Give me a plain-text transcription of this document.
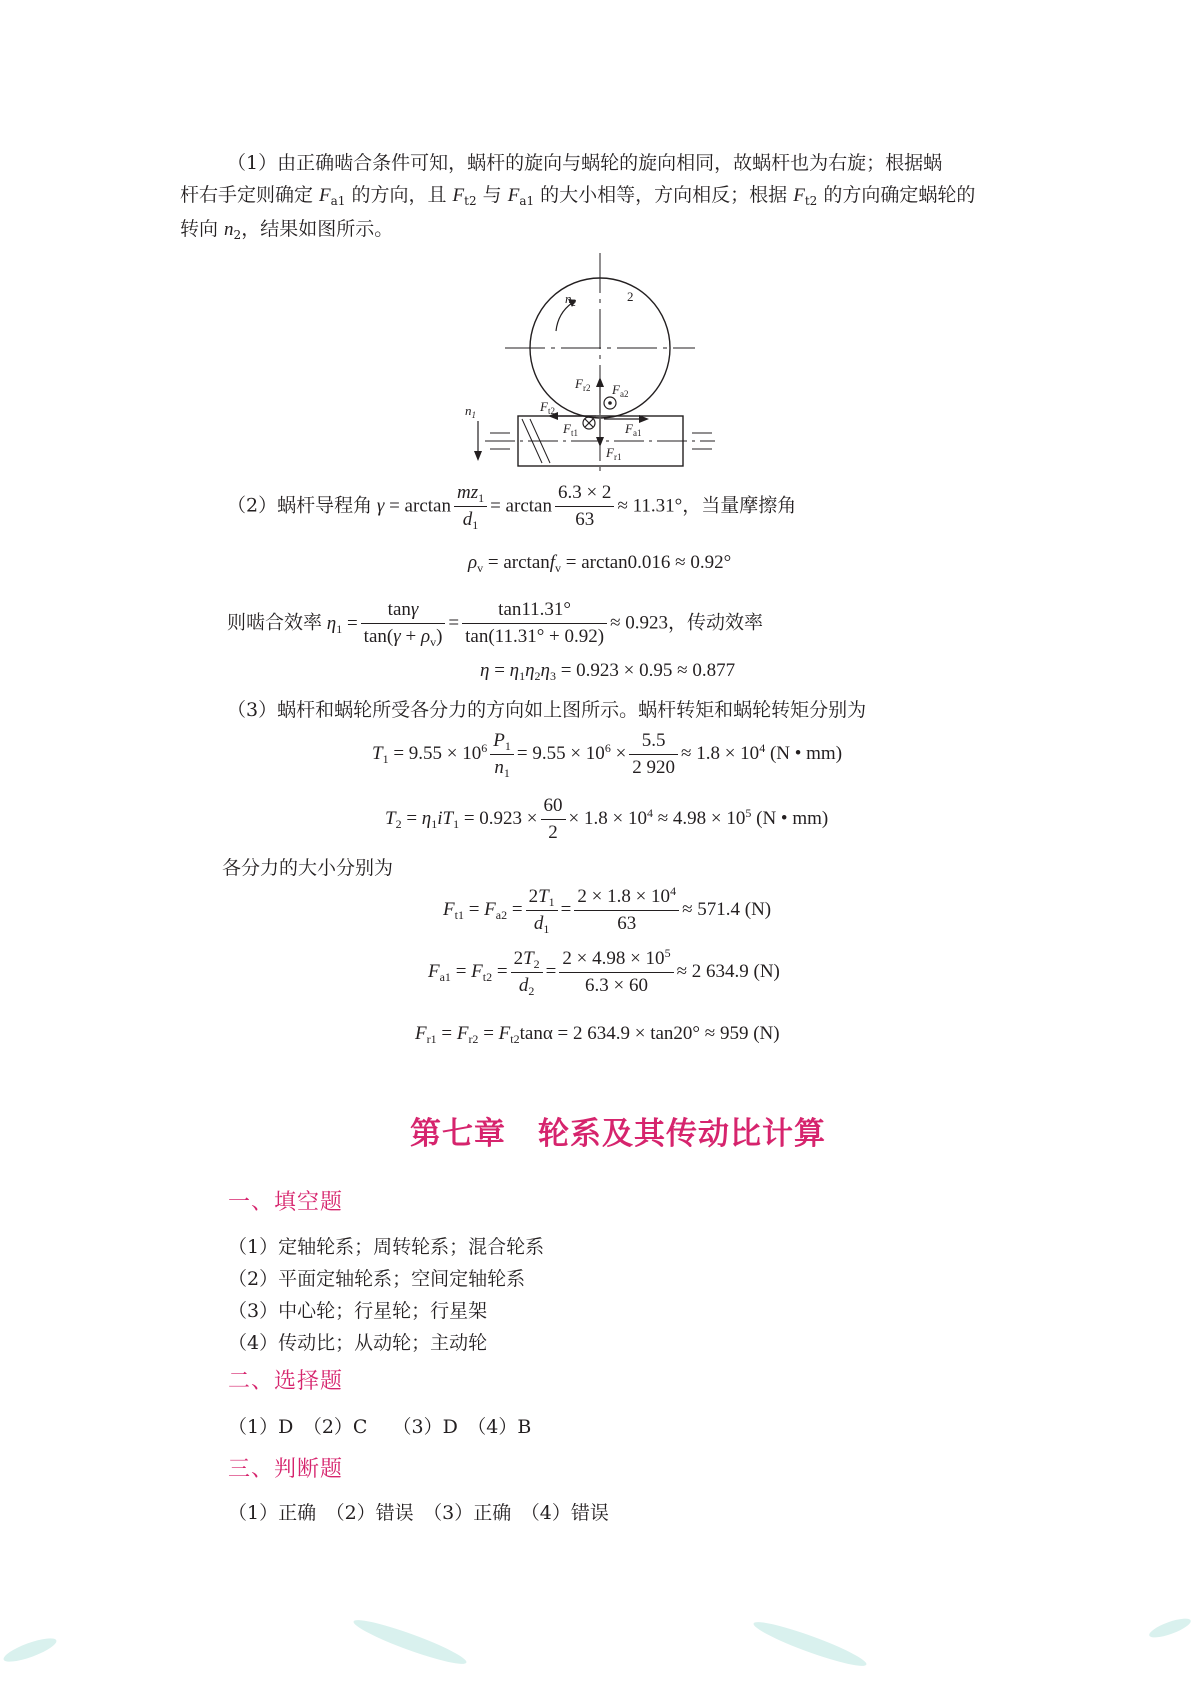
（1）由正确啮合条件可知，蜗杆的旋向与蜗轮的旋向相同，故蜗杆也为右旋；根据蜗
杆右手定则确定 $F_{a1}$ 的方向，且 $F_{t2}$ 与 $F_{a1}$ 的大小相等，方向相反；根据 $F_{t2}$ 的方向确定蜗轮的
转向 $n_2$，结果如图所示。
$n_2$	2
$n_1$
$F_{r2}$ $F_{a2}$
$F_{t2}$
$F_{t1}$	$F_{a1}$
$F_{r1}$
（2）蜗杆导程角 $\gamma = \arctan \frac{mz_1}{d_1} = \arctan \frac{6.3 \times 2}{63} \approx 11.31^\circ$，当量摩擦角
$\rho_v = \arctan f_v = \arctan 0.016 \approx 0.92^\circ$
则啮合效率 $\eta_1 = \frac{\tan\gamma}{\tan(\gamma + \rho_v)} = \frac{\tan 11.31^\circ}{\tan(11.31^\circ + 0.92)} \approx 0.923$，传动效率
$\eta = \eta_1\eta_2\eta_3 = 0.923 \times 0.95 \approx 0.877$
（3）蜗杆和蜗轮所受各分力的方向如上图所示。蜗杆转矩和蜗轮转矩分别为
$T_1 = 9.55 \times 10^6 \frac{P_1}{n_1} = 9.55 \times 10^6 \times \frac{5.5}{2 920} \approx 1.8 \times 10^4$ (N • mm)
$T_2 = \eta_1iT_1 = 0.923 \times \frac{60}{2} \times 1.8 \times 10^4 \approx 4.98 \times 10^5$ (N • mm)
各分力的大小分别为
$F_{t1} = F_{a2} = \frac{2T_1}{d_1} = \frac{2 \times 1.8 \times 10^4}{63} \approx 571.4$ (N)
$F_{a1} = F_{t2} = \frac{2T_2}{d_2} = \frac{2 \times 4.98 \times 10^5}{6.3 \times 60} \approx 2$ 634.9 (N)
$F_{r1} = F_{r2} = F_{t2}\tan\alpha = 2$ 634.9 × tan20° ≈ 959 (N)
第七章　轮系及其传动比计算
一、填空题
（1）定轴轮系；周转轮系；混合轮系
（2）平面定轴轮系；空间定轴轮系
（3）中心轮；行星轮；行星架
（4）传动比；从动轮；主动轮
二、选择题
（1）D　（2）C　 （3）D　（4）B
三、判断题
（1）正确　（2）错误　（3）正确　（4）错误
